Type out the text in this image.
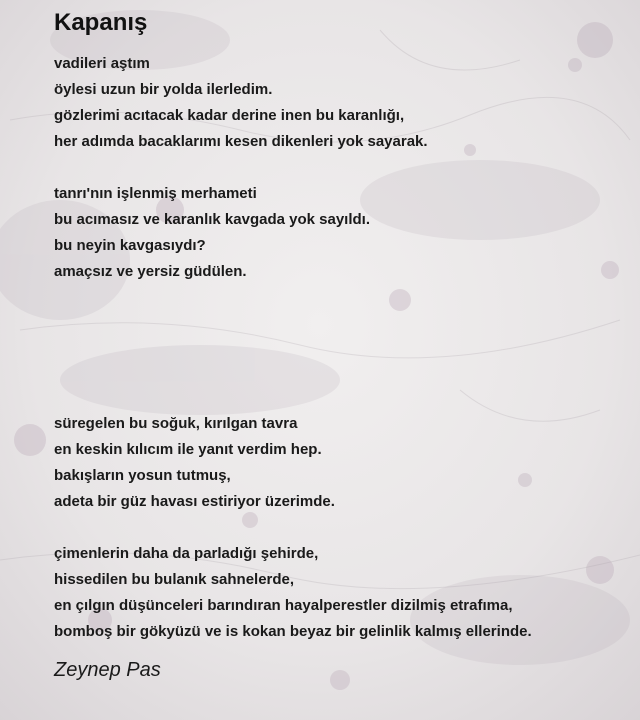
Kapanış
vadileri aştım
öylesi uzun bir yolda ilerledim.
gözlerimi acıtacak kadar derine inen bu karanlığı,
her adımda bacaklarımı kesen dikenleri yok sayarak.
tanrı'nın işlenmiş merhameti
bu acımasız ve karanlık kavgada yok sayıldı.
bu neyin kavgasıydı?
amaçsız ve yersiz güdülen.
süregelen bu soğuk, kırılgan tavra
en keskin kılıcım ile yanıt verdim hep.
bakışların yosun tutmuş,
adeta bir güz havası estiriyor üzerimde.
çimenlerin daha da parladığı şehirde,
hissedilen bu bulanık sahnelerde,
en çılgın düşünceleri barındıran hayalperestler dizilmiş etrafıma,
bomboş bir gökyüzü ve is kokan beyaz bir gelinlik kalmış ellerinde.
Zeynep Pas
